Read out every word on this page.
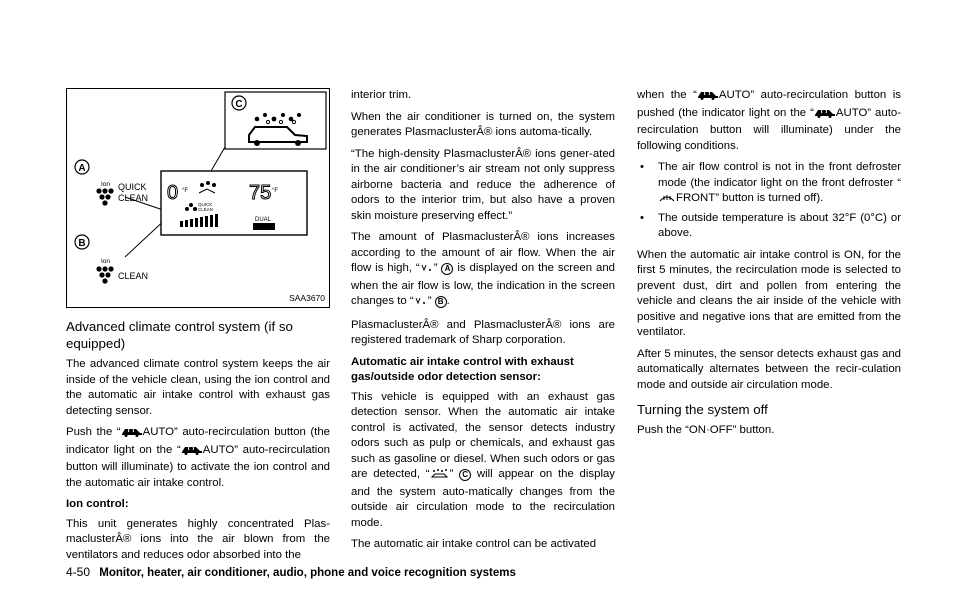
C
0 °F	75 °F
QUICK
CLEAN
DUAL
A
Ion QUICK
CLEAN
B
Ion
CLEAN
SAA3670
Advanced climate control system (if so equipped)

The advanced climate control system keeps the air inside of the vehicle clean, using the ion control and the automatic air intake control with exhaust gas detecting sensor.

Push the “ AUTO” auto-recirculation button (the indicator light on the “ AUTO” auto-recirculation button will illuminate) to activate the ion control and the automatic air intake control.

Ion control:

This unit generates highly concentrated Plas-maclusterÂ® ions into the air blown from the ventilators and reduces odor absorbed into the

interior trim.

When the air conditioner is turned on, the system generates PlasmaclusterÂ® ions automa-tically.

“The high-density PlasmaclusterÂ® ions gener-ated in the air conditioner’s air stream not only suppress airborne bacteria and reduce the adherence of odors to the interior trim, but also have a proven skin moisture preserving effect.”

The amount of PlasmaclusterÂ® ions increases according to the amount of air flow. When the air flow is high, “ ” A is displayed on the screen and when the air flow is low, the indication in the screen changes to “ ” B .

PlasmaclusterÂ® and PlasmaclusterÂ® ions are registered trademark of Sharp corporation.

Automatic air intake control with exhaust gas/outside odor detection sensor:

This vehicle is equipped with an exhaust gas detection sensor. When the automatic air intake control is activated, the sensor detects industry odors such as pulp or chemicals, and exhaust gas such as gasoline or diesel. When such odors or gas are detected, “ ” C will appear on the display and the system auto-matically changes from the outside air circulation mode to the recirculation mode.

The automatic air intake control can be activated

when the “ AUTO” auto-recirculation button is pushed (the indicator light on the “ AUTO” auto-recirculation button will illuminate) under the following conditions.

• The air flow control is not in the front defroster mode (the indicator light on the front defroster “FRONT” button is turned off).
• The outside temperature is about 32°F (0°C) or above.

When the automatic air intake control is ON, for the first 5 minutes, the recirculation mode is selected to prevent dust, dirt and pollen from entering the vehicle and cleans the air inside of the vehicle with positive and negative ions that are emitted from the ventilator.

After 5 minutes, the sensor detects exhaust gas and automatically alternates between the recir-culation mode and outside air circulation mode.

Turning the system off

Push the “ON·OFF” button.

4-50 Monitor, heater, air conditioner, audio, phone and voice recognition systems
